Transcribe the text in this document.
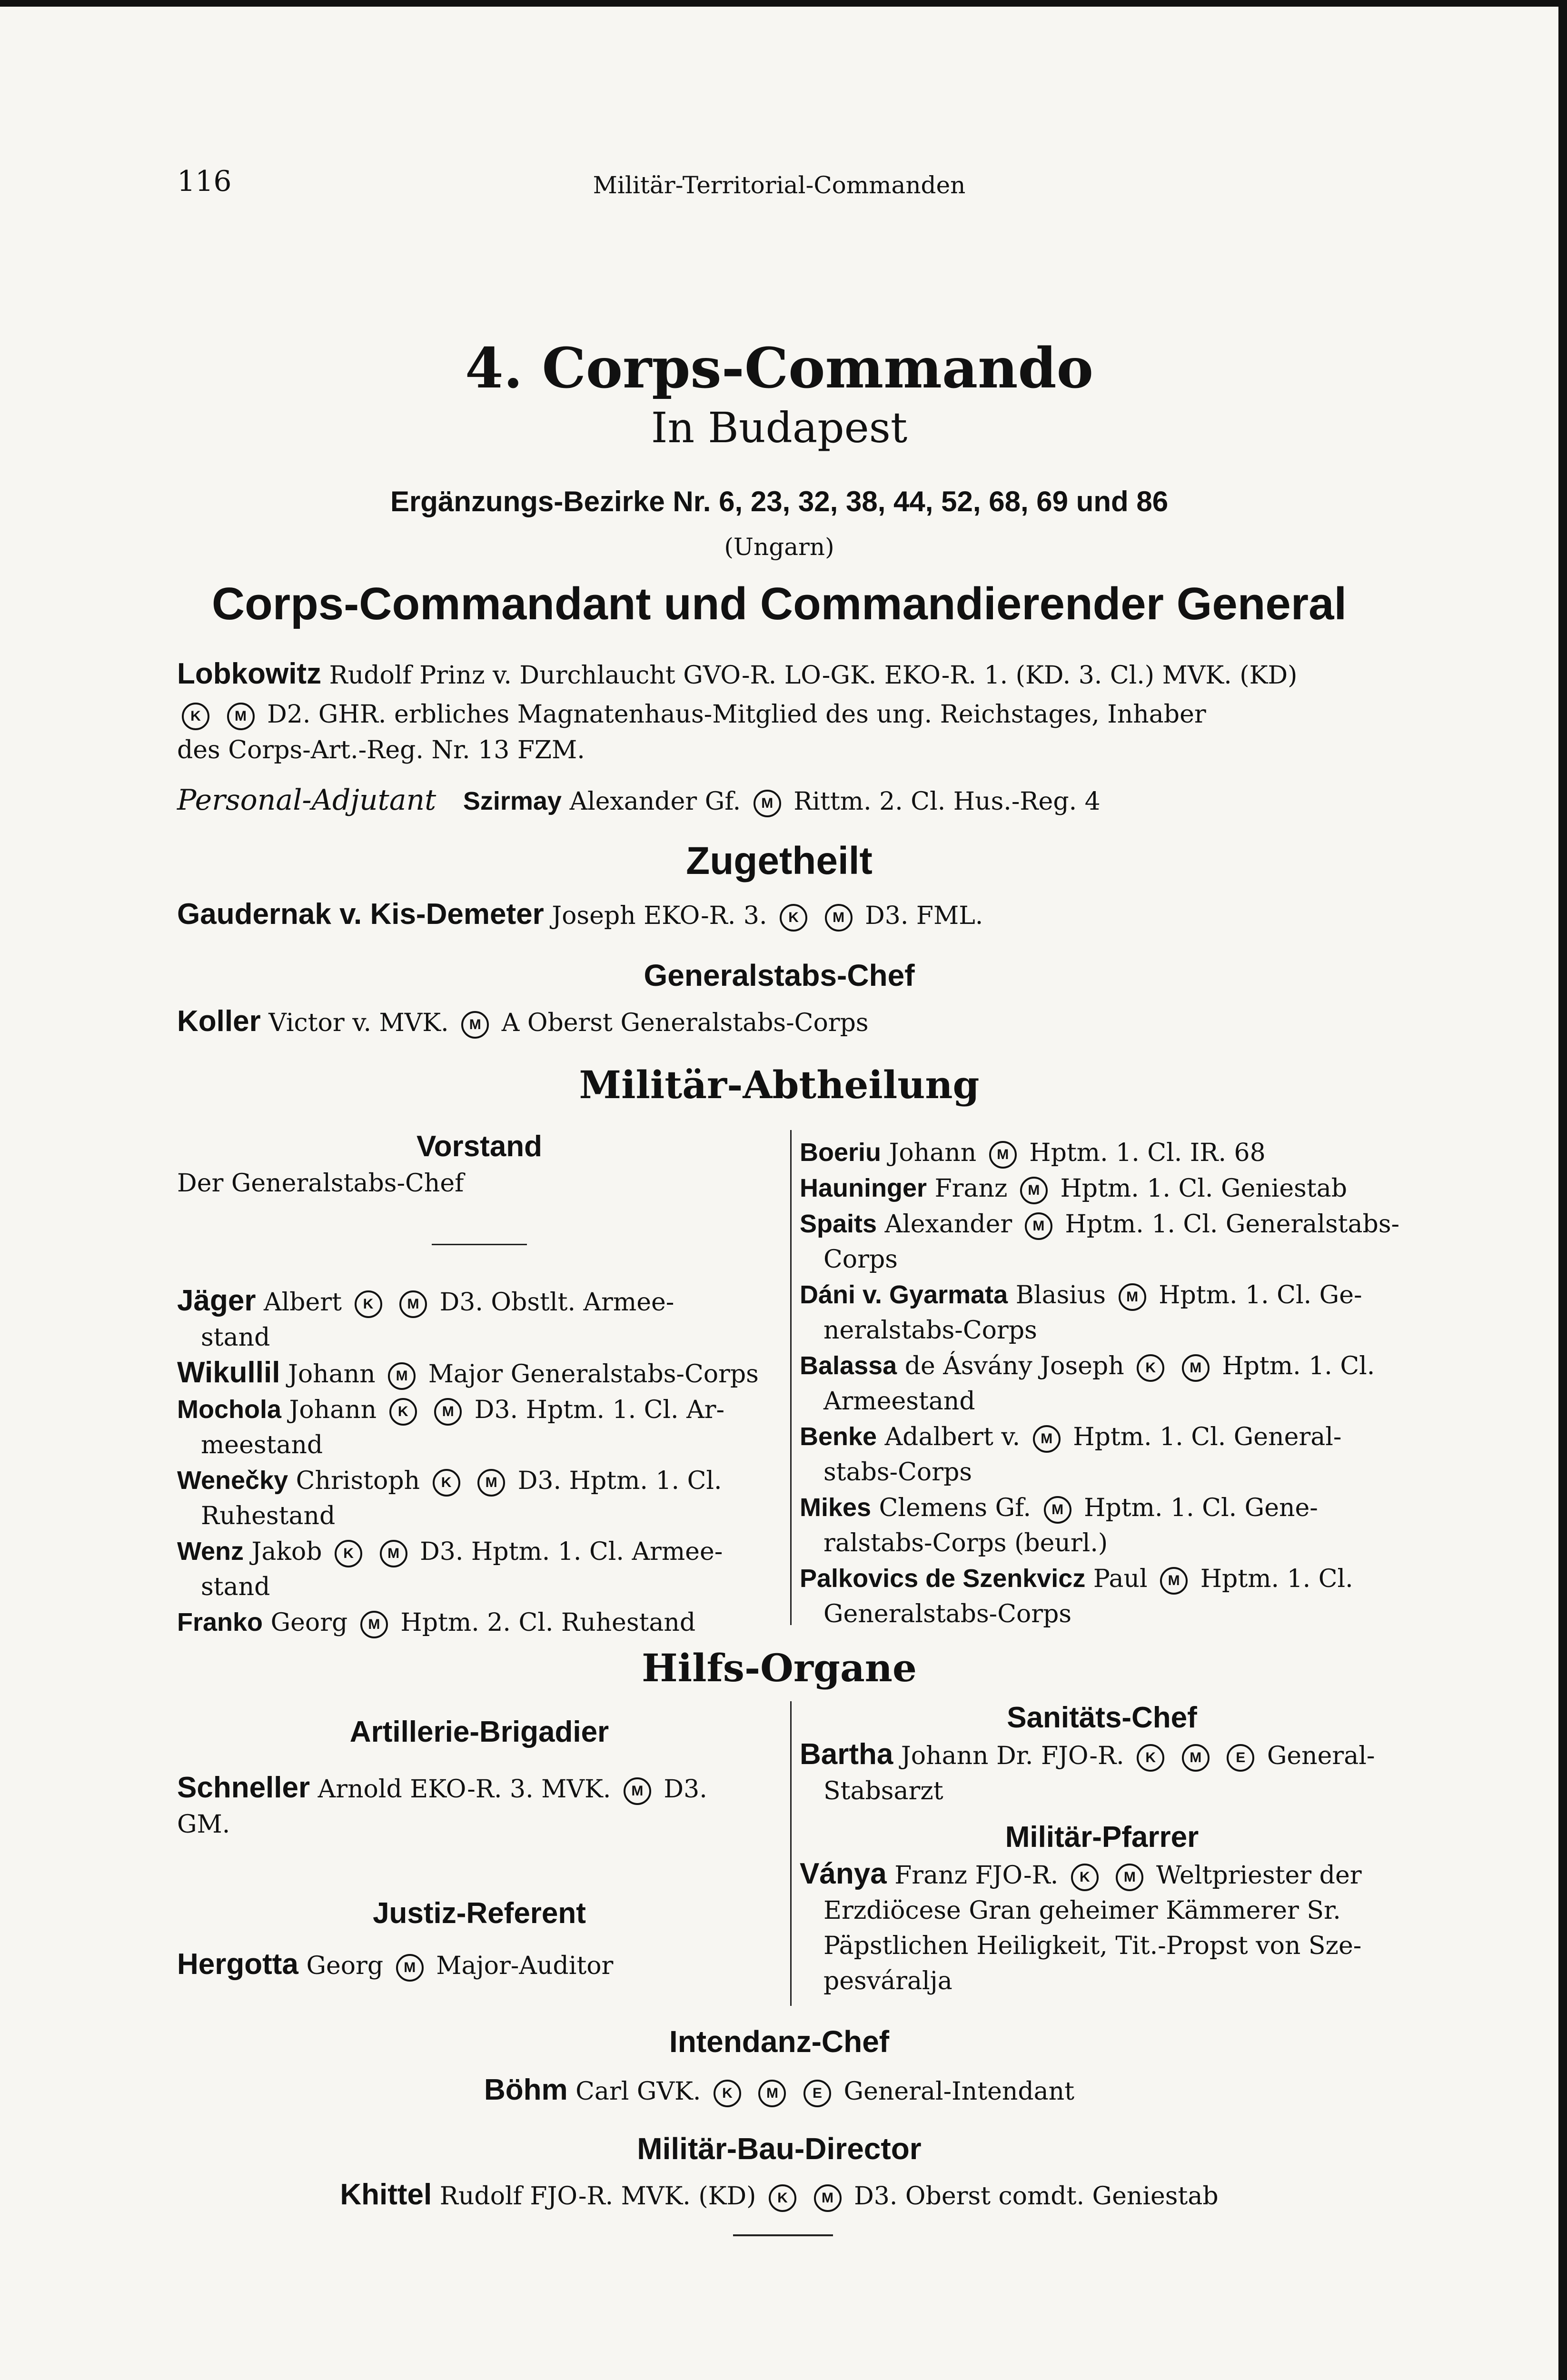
116	Militär-Territorial-Commanden
4. Corps-Commando
In Budapest
Ergänzungs-Bezirke Nr. 6, 23, 32, 38, 44, 52, 68, 69 und 86
(Ungarn)
Corps-Commandant und Commandierender General
Lobkowitz Rudolf Prinz v. Durchlaucht GVO-R. LO-GK. EKO-R. 1. (KD. 3. Cl.) MVK. (KD)
K M D2. GHR. erbliches Magnatenhaus-Mitglied des ung. Reichstages, Inhaber
des Corps-Art.-Reg. Nr. 13 FZM.
Personal-Adjutant Szirmay Alexander Gf. M Rittm. 2. Cl. Hus.-Reg. 4
Zugetheilt
Gaudernak v. Kis-Demeter Joseph EKO-R. 3. K M D3. FML.
Generalstabs-Chef
Koller Victor v. MVK. M A Oberst Generalstabs-Corps
Militär-Abtheilung
Vorstand
Der Generalstabs-Chef
Jäger Albert K M D3. Obstlt. Armee-
stand
Wikullil Johann M Major Generalstabs-Corps
Mochola Johann K M D3. Hptm. 1. Cl. Ar-
meestand
Wenečky Christoph K M D3. Hptm. 1. Cl.
Ruhestand
Wenz Jakob K M D3. Hptm. 1. Cl. Armee-
stand
Franko Georg M Hptm. 2. Cl. Ruhestand
Boeriu Johann M Hptm. 1. Cl. IR. 68
Hauninger Franz M Hptm. 1. Cl. Geniestab
Spaits Alexander M Hptm. 1. Cl. Generalstabs-
Corps
Dáni v. Gyarmata Blasius M Hptm. 1. Cl. Ge-
neralstabs-Corps
Balassa de Ásvány Joseph K M Hptm. 1. Cl.
Armeestand
Benke Adalbert v. M Hptm. 1. Cl. General-
stabs-Corps
Mikes Clemens Gf. M Hptm. 1. Cl. Gene-
ralstabs-Corps (beurl.)
Palkovics de Szenkvicz Paul M Hptm. 1. Cl.
Generalstabs-Corps
Hilfs-Organe
Artillerie-Brigadier
Schneller Arnold EKO-R. 3. MVK. M D3.
GM.
Justiz-Referent
Hergotta Georg M Major-Auditor
Sanitäts-Chef
Bartha Johann Dr. FJO-R. K M E General-
Stabsarzt
Militär-Pfarrer
Ványa Franz FJO-R. K M Weltpriester der
Erzdiöcese Gran geheimer Kämmerer Sr.
Päpstlichen Heiligkeit, Tit.-Propst von Sze-
pesváralja
Intendanz-Chef
Böhm Carl GVK. K M E General-Intendant
Militär-Bau-Director
Khittel Rudolf FJO-R. MVK. (KD) K M D3. Oberst comdt. Geniestab
